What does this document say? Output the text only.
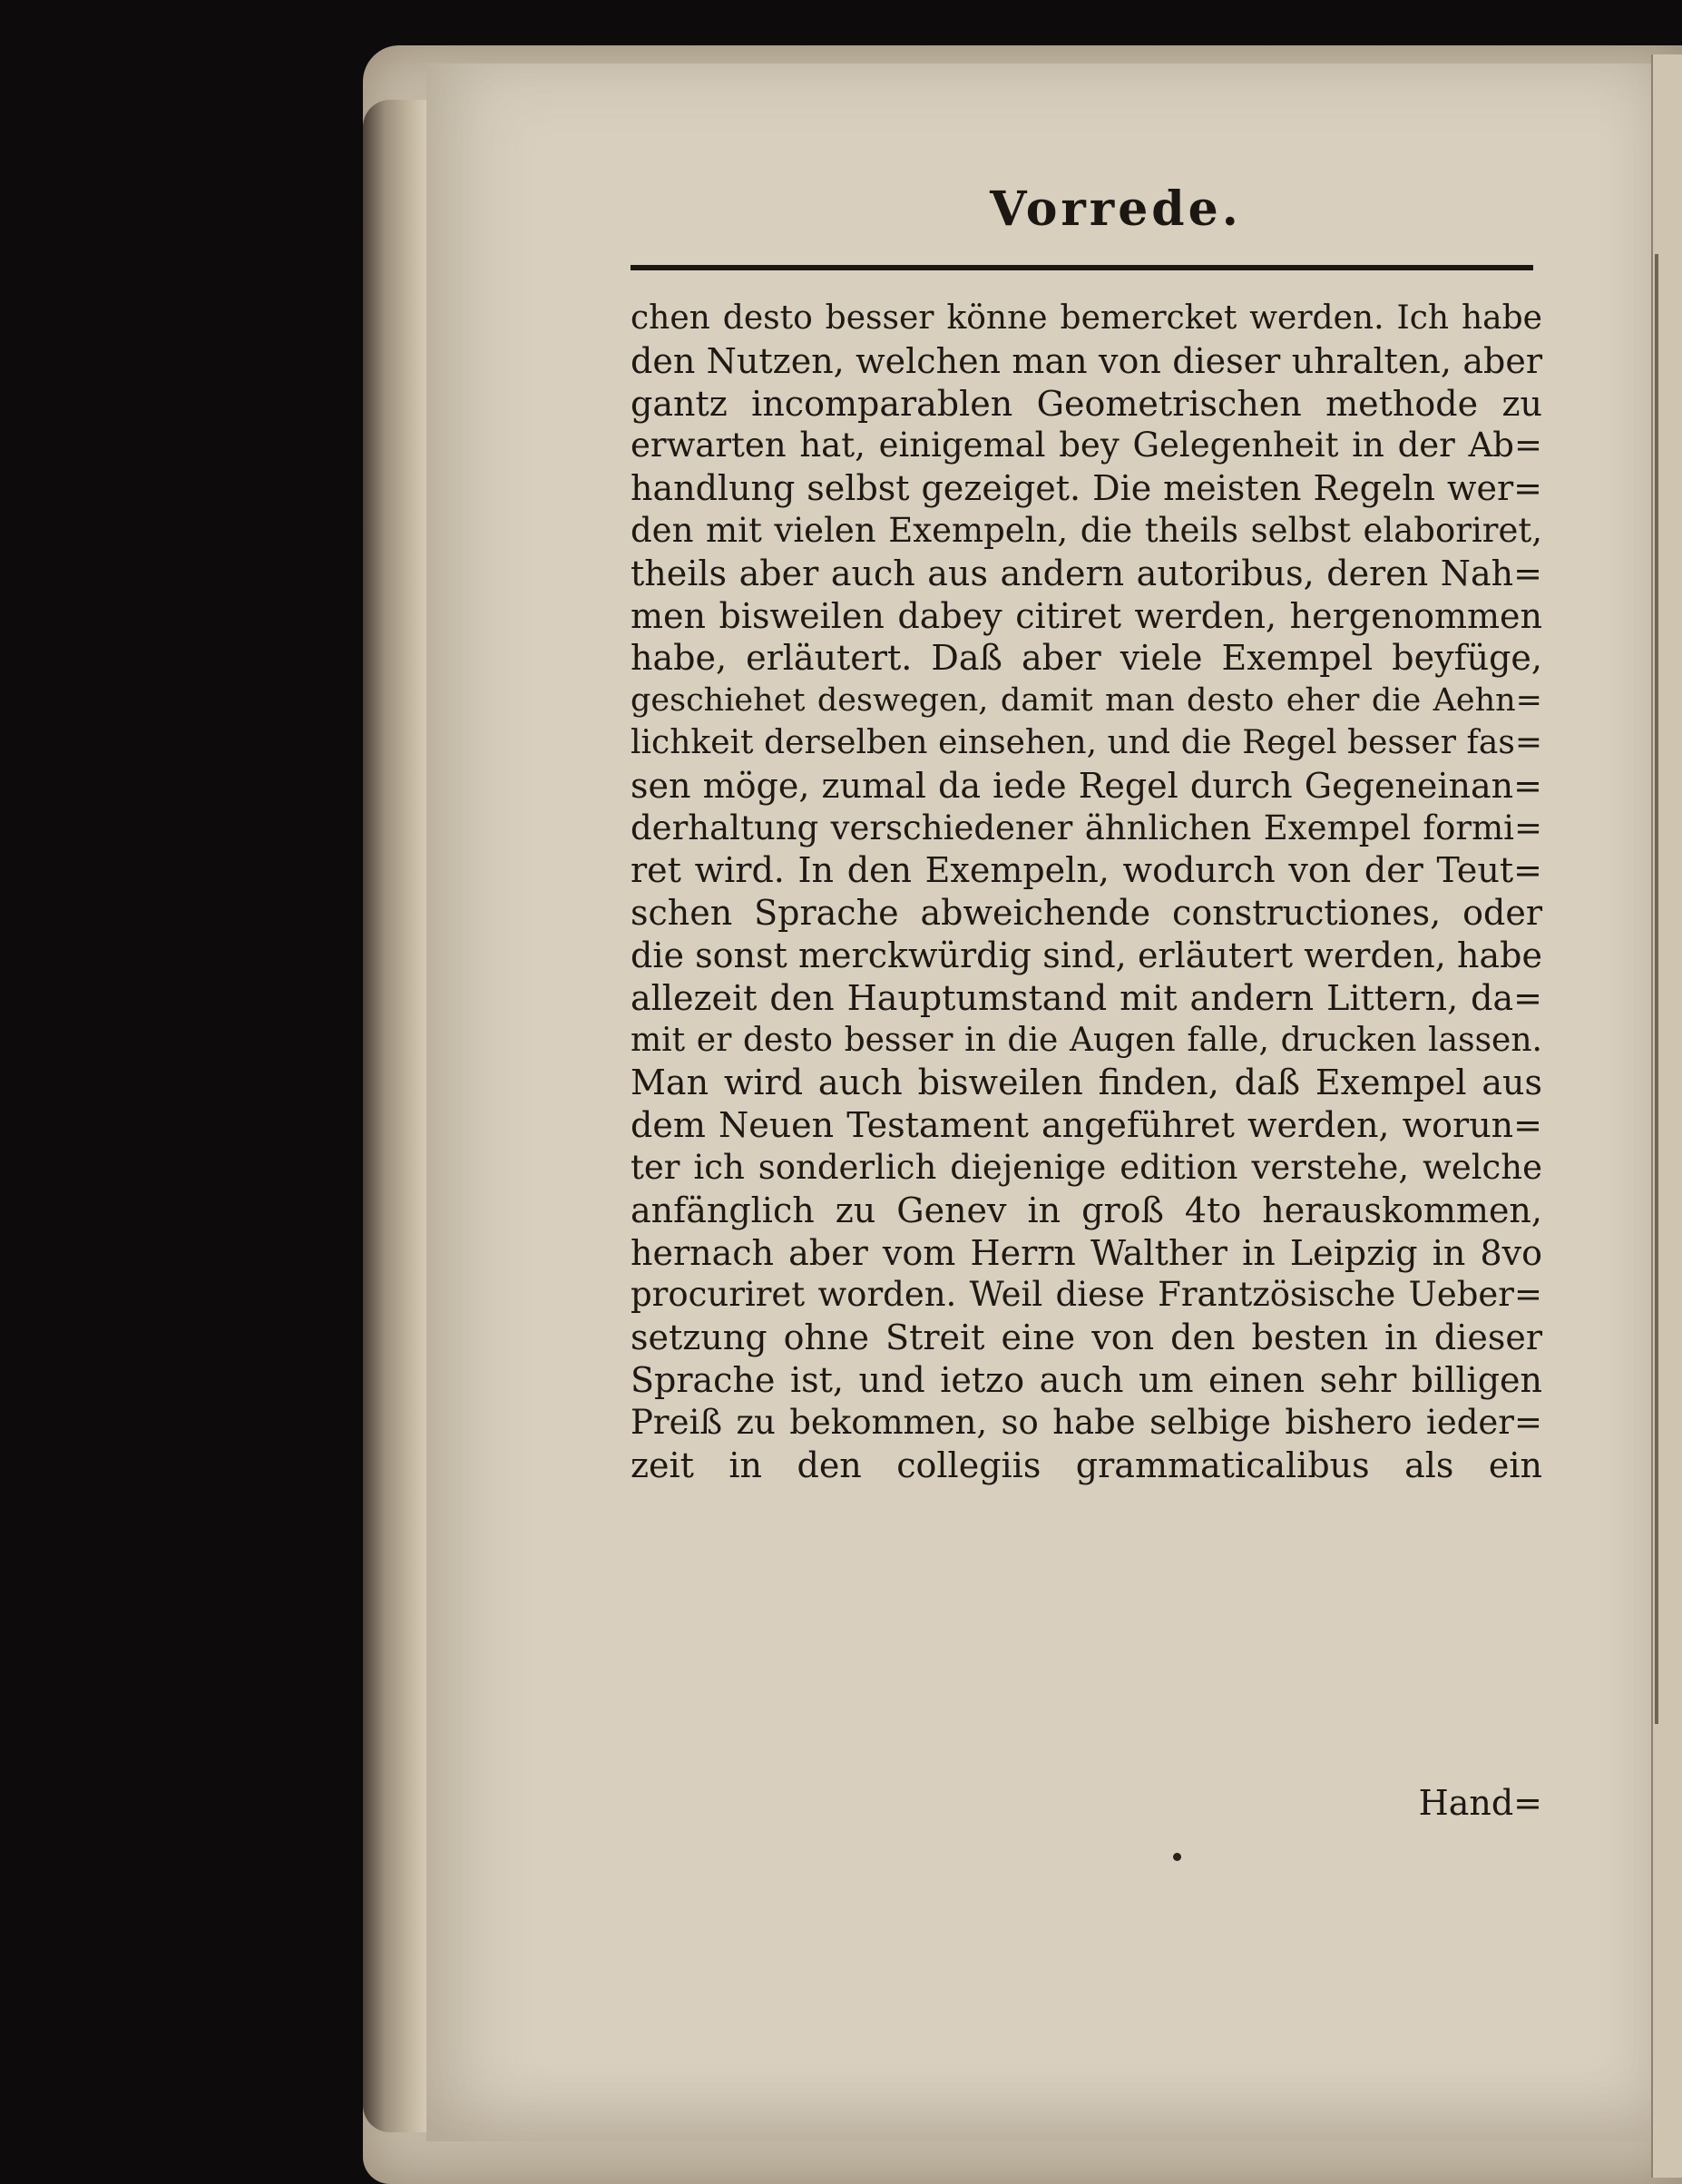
Vorrede.
chen desto besser könne bemercket werden. Ich habe
den Nutzen, welchen man von dieser uhralten, aber
gantz incomparablen Geometrischen methode zu
erwarten hat, einigemal bey Gelegenheit in der Ab=
handlung selbst gezeiget. Die meisten Regeln wer=
den mit vielen Exempeln, die theils selbst elaboriret,
theils aber auch aus andern autoribus, deren Nah=
men bisweilen dabey citiret werden, hergenommen
habe, erläutert. Daß aber viele Exempel beyfüge,
geschiehet deswegen, damit man desto eher die Aehn=
lichkeit derselben einsehen, und die Regel besser fas=
sen möge, zumal da iede Regel durch Gegeneinan=
derhaltung verschiedener ähnlichen Exempel formi=
ret wird. In den Exempeln, wodurch von der Teut=
schen Sprache abweichende constructiones, oder
die sonst merckwürdig sind, erläutert werden, habe
allezeit den Hauptumstand mit andern Littern, da=
mit er desto besser in die Augen falle, drucken lassen.
Man wird auch bisweilen finden, daß Exempel aus
dem Neuen Testament angeführet werden, worun=
ter ich sonderlich diejenige edition verstehe, welche
anfänglich zu Genev in groß 4to herauskommen,
hernach aber vom Herrn Walther in Leipzig in 8vo
procuriret worden. Weil diese Frantzösische Ueber=
setzung ohne Streit eine von den besten in dieser
Sprache ist, und ietzo auch um einen sehr billigen
Preiß zu bekommen, so habe selbige bishero ieder=
zeit in den collegiis grammaticalibus als ein
Hand=
